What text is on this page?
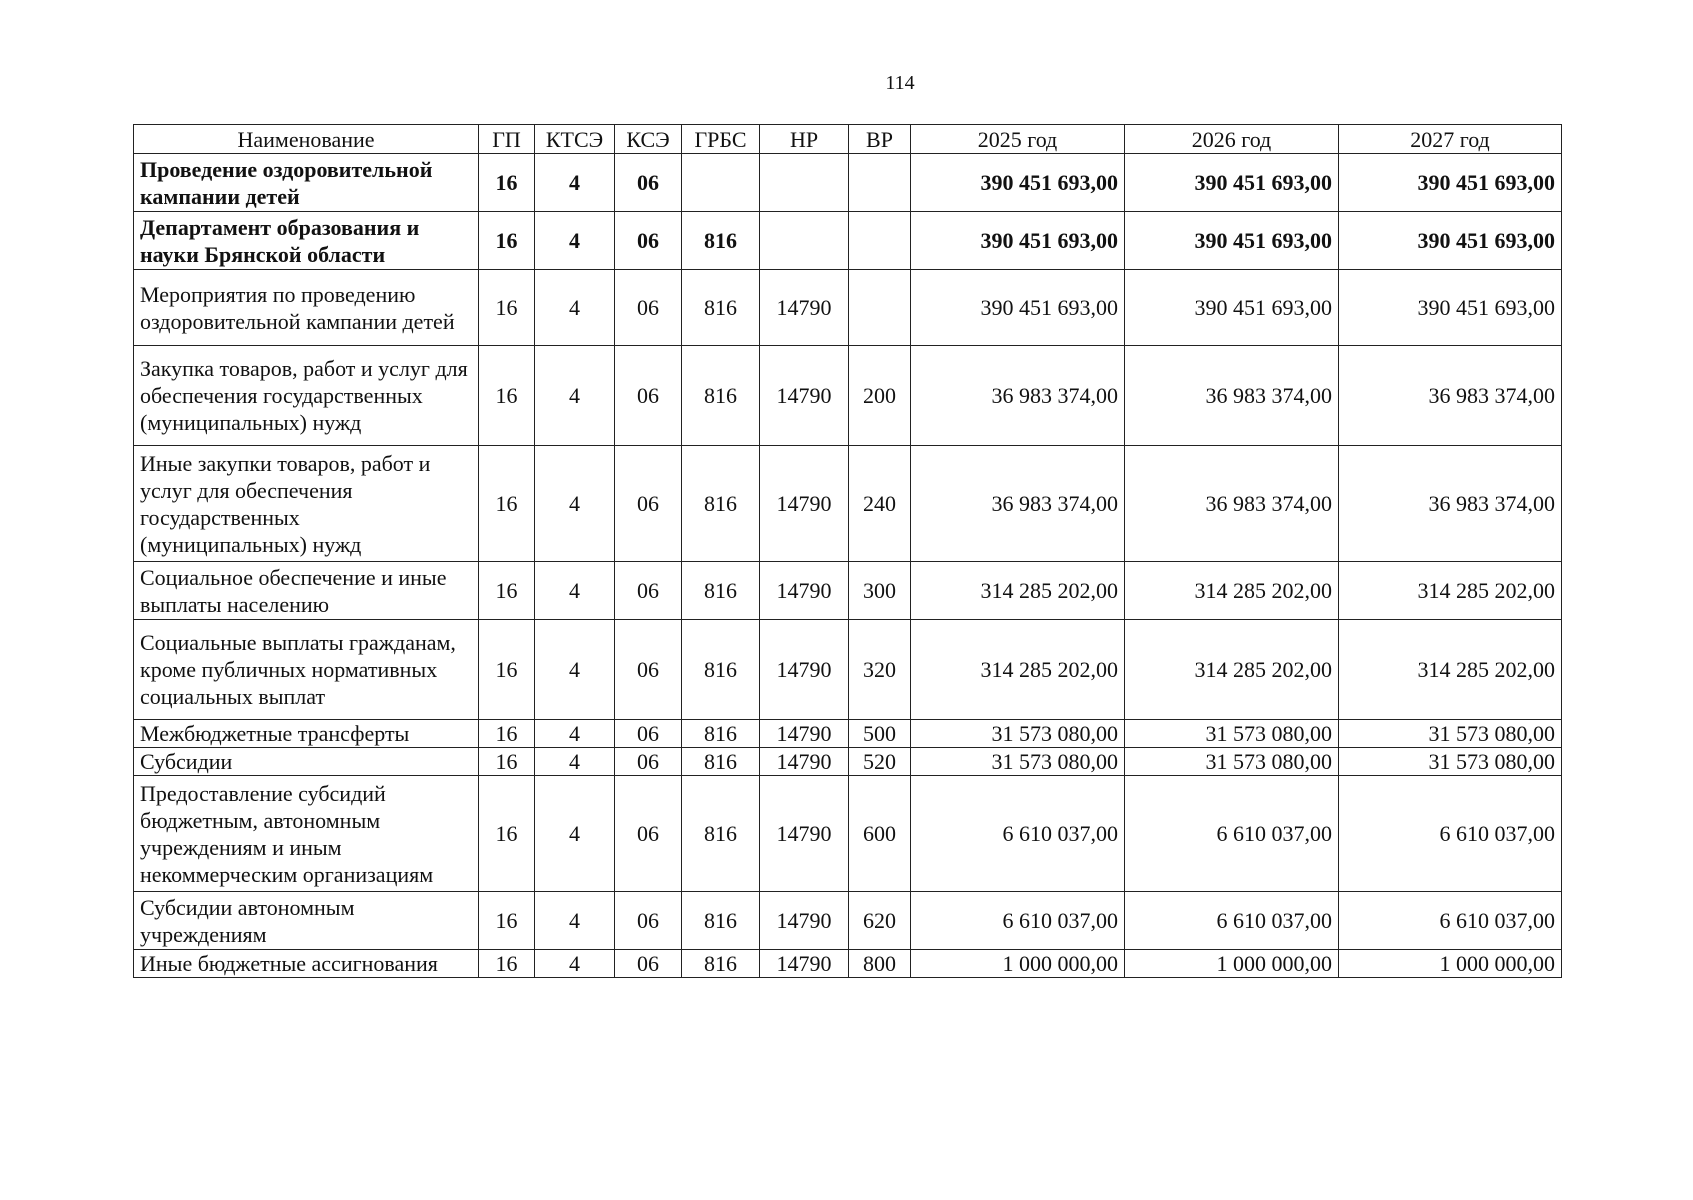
114
Наименование	ГП	КТСЭ	КСЭ	ГРБС	НР	ВР	2025 год	2026 год	2027 год
Проведение оздоровительной кампании детей	16	4	06				390 451 693,00	390 451 693,00	390 451 693,00
Департамент образования и науки Брянской области	16	4	06	816			390 451 693,00	390 451 693,00	390 451 693,00
Мероприятия по проведению оздоровительной кампании детей	16	4	06	816	14790		390 451 693,00	390 451 693,00	390 451 693,00
Закупка товаров, работ и услуг для обеспечения государственных (муниципальных) нужд	16	4	06	816	14790	200	36 983 374,00	36 983 374,00	36 983 374,00
Иные закупки товаров, работ и услуг для обеспечения государственных (муниципальных) нужд	16	4	06	816	14790	240	36 983 374,00	36 983 374,00	36 983 374,00
Социальное обеспечение и иные выплаты населению	16	4	06	816	14790	300	314 285 202,00	314 285 202,00	314 285 202,00
Социальные выплаты гражданам, кроме публичных нормативных социальных выплат	16	4	06	816	14790	320	314 285 202,00	314 285 202,00	314 285 202,00
Межбюджетные трансферты	16	4	06	816	14790	500	31 573 080,00	31 573 080,00	31 573 080,00
Субсидии	16	4	06	816	14790	520	31 573 080,00	31 573 080,00	31 573 080,00
Предоставление субсидий бюджетным, автономным учреждениям и иным некоммерческим организациям	16	4	06	816	14790	600	6 610 037,00	6 610 037,00	6 610 037,00
Субсидии автономным учреждениям	16	4	06	816	14790	620	6 610 037,00	6 610 037,00	6 610 037,00
Иные бюджетные ассигнования	16	4	06	816	14790	800	1 000 000,00	1 000 000,00	1 000 000,00
